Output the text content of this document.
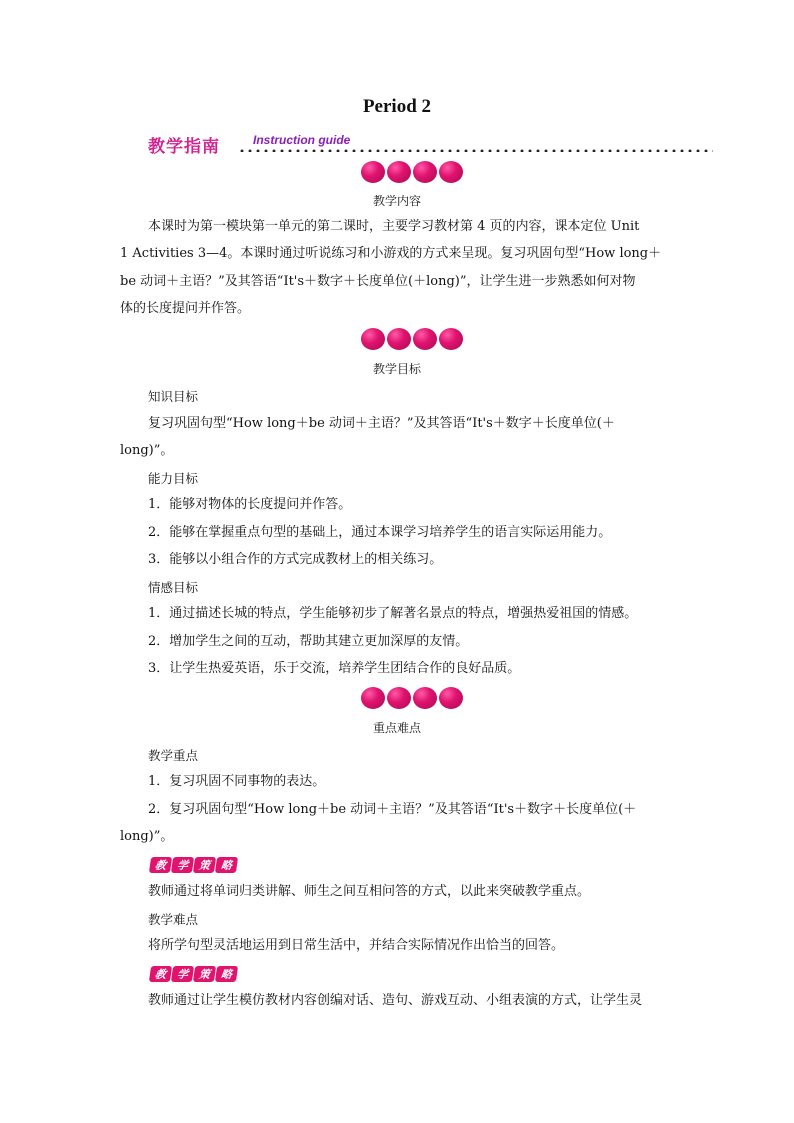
Period 2
教学指南	Instruction guide
教学内容
本课时为第一模块第一单元的第二课时，主要学习教材第 4 页的内容，课本定位 Unit
1 Activities 3—4。本课时通过听说练习和小游戏的方式来呈现。复习巩固句型“How long＋
be 动词＋主语？”及其答语“It's＋数字＋长度单位(＋long)”，让学生进一步熟悉如何对物
体的长度提问并作答。
教学目标
知识目标
复习巩固句型“How long＋be 动词＋主语？”及其答语“It's＋数字＋长度单位(＋
long)”。
能力目标
1．能够对物体的长度提问并作答。
2．能够在掌握重点句型的基础上，通过本课学习培养学生的语言实际运用能力。
3．能够以小组合作的方式完成教材上的相关练习。
情感目标
1．通过描述长城的特点，学生能够初步了解著名景点的特点，增强热爱祖国的情感。
2．增加学生之间的互动，帮助其建立更加深厚的友情。
3．让学生热爱英语，乐于交流，培养学生团结合作的良好品质。
重点难点
教学重点
1．复习巩固不同事物的表达。
2．复习巩固句型“How long＋be 动词＋主语？”及其答语“It's＋数字＋长度单位(＋
long)”。
教 学 策 略
教师通过将单词归类讲解、师生之间互相问答的方式，以此来突破教学重点。
教学难点
将所学句型灵活地运用到日常生活中，并结合实际情况作出恰当的回答。
教 学 策 略
教师通过让学生模仿教材内容创编对话、造句、游戏互动、小组表演的方式，让学生灵
